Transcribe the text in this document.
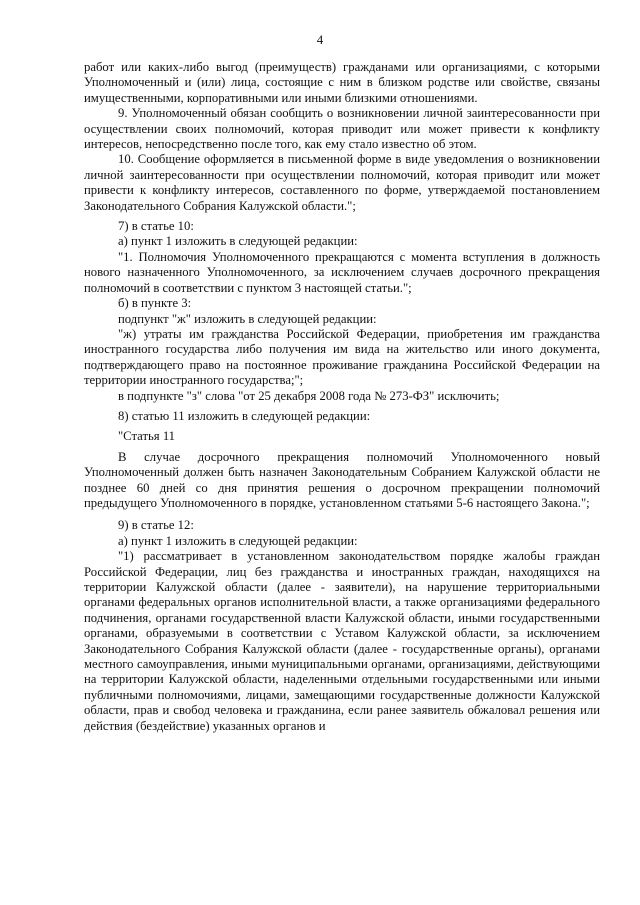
4

работ или каких-либо выгод (преимуществ) гражданами или организациями, с которыми Уполномоченный и (или) лица, состоящие с ним в близком родстве или свойстве, связаны имущественными, корпоративными или иными близкими отношениями.

9. Уполномоченный обязан сообщить о возникновении личной заинтересованности при осуществлении своих полномочий, которая приводит или может привести к конфликту интересов, непосредственно после того, как ему стало известно об этом.

10. Сообщение оформляется в письменной форме в виде уведомления о возникновении личной заинтересованности при осуществлении полномочий, которая приводит или может привести к конфликту интересов, составленного по форме, утверждаемой постановлением Законодательного Собрания Калужской области.";

7) в статье 10:

а) пункт 1 изложить в следующей редакции:

"1. Полномочия Уполномоченного прекращаются с момента вступления в должность нового назначенного Уполномоченного, за исключением случаев досрочного прекращения полномочий в соответствии с пунктом 3 настоящей статьи.";

б) в пункте 3:

подпункт "ж" изложить в следующей редакции:

"ж) утраты им гражданства Российской Федерации, приобретения им гражданства иностранного государства либо получения им вида на жительство или иного документа, подтверждающего право на постоянное проживание гражданина Российской Федерации на территории иностранного государства;";

в подпункте "з" слова "от 25 декабря 2008 года № 273-ФЗ" исключить;

8) статью 11 изложить в следующей редакции:

"Статья 11

В случае досрочного прекращения полномочий Уполномоченного новый Уполномоченный должен быть назначен Законодательным Собранием Калужской области не позднее 60 дней со дня принятия решения о досрочном прекращении полномочий предыдущего Уполномоченного в порядке, установленном статьями 5-6 настоящего Закона.";

9) в статье 12:

а) пункт 1 изложить в следующей редакции:

"1) рассматривает в установленном законодательством порядке жалобы граждан Российской Федерации, лиц без гражданства и иностранных граждан, находящихся на территории Калужской области (далее - заявители), на нарушение территориальными органами федеральных органов исполнительной власти, а также организациями федерального подчинения, органами государственной власти Калужской области, иными государственными органами, образуемыми в соответствии с Уставом Калужской области, за исключением Законодательного Собрания Калужской области (далее - государственные органы), органами местного самоуправления, иными муниципальными органами, организациями, действующими на территории Калужской области, наделенными отдельными государственными или иными публичными полномочиями, лицами, замещающими государственные должности Калужской области, прав и свобод человека и гражданина, если ранее заявитель обжаловал решения или действия (бездействие) указанных органов и
